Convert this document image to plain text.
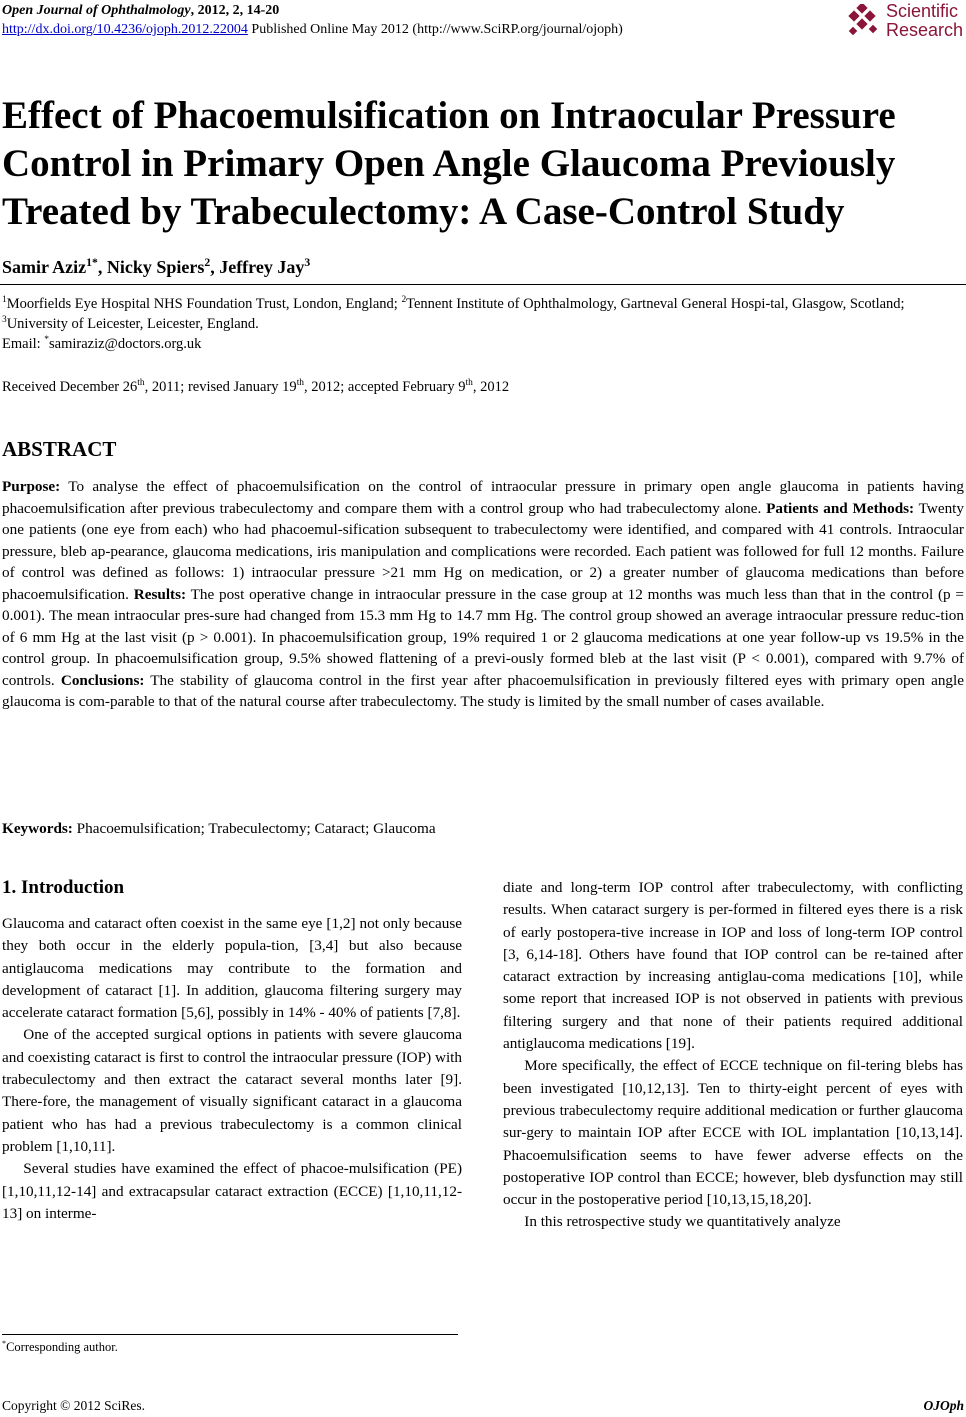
Open Journal of Ophthalmology, 2012, 2, 14-20
http://dx.doi.org/10.4236/ojoph.2012.22004 Published Online May 2012 (http://www.SciRP.org/journal/ojoph)
Scientific
Research
Effect of Phacoemulsification on Intraocular Pressure Control in Primary Open Angle Glaucoma Previously Treated by Trabeculectomy: A Case-Control Study
Samir Aziz$^{1*}$, Nicky Spiers$^2$, Jeffrey Jay$^3$
$^1$Moorfields Eye Hospital NHS Foundation Trust, London, England; $^2$Tennent Institute of Ophthalmology, Gartneval General Hospi-tal, Glasgow, Scotland; $^3$University of Leicester, Leicester, England.
Email: *samiraziz@doctors.org.uk
Received December 26th, 2011; revised January 19th, 2012; accepted February 9th, 2012
ABSTRACT

Purpose: To analyse the effect of phacoemulsification on the control of intraocular pressure in primary open angle glaucoma in patients having phacoemulsification after previous trabeculectomy and compare them with a control group who had trabeculectomy alone. Patients and Methods: Twenty one patients (one eye from each) who had phacoemul-sification subsequent to trabeculectomy were identified, and compared with 41 controls. Intraocular pressure, bleb ap-pearance, glaucoma medications, iris manipulation and complications were recorded. Each patient was followed for full 12 months. Failure of control was defined as follows: 1) intraocular pressure >21 mm Hg on medication, or 2) a greater number of glaucoma medications than before phacoemulsification. Results: The post operative change in intraocular pressure in the case group at 12 months was much less than that in the control (p = 0.001). The mean intraocular pres-sure had changed from 15.3 mm Hg to 14.7 mm Hg. The control group showed an average intraocular pressure reduc-tion of 6 mm Hg at the last visit (p > 0.001). In phacoemulsification group, 19% required 1 or 2 glaucoma medications at one year follow-up vs 19.5% in the control group. In phacoemulsification group, 9.5% showed flattening of a previ-ously formed bleb at the last visit (P < 0.001), compared with 9.7% of controls. Conclusions: The stability of glaucoma control in the first year after phacoemulsification in previously filtered eyes with primary open angle glaucoma is com-parable to that of the natural course after trabeculectomy. The study is limited by the small number of cases available.

Keywords: Phacoemulsification; Trabeculectomy; Cataract; Glaucoma
1. Introduction

Glaucoma and cataract often coexist in the same eye [1,2] not only because they both occur in the elderly popula-tion, [3,4] but also because antiglaucoma medications may contribute to the formation and development of cataract [1]. In addition, glaucoma filtering surgery may accelerate cataract formation [5,6], possibly in 14% - 40% of patients [7,8].

One of the accepted surgical options in patients with severe glaucoma and coexisting cataract is first to control the intraocular pressure (IOP) with trabeculectomy and then extract the cataract several months later [9]. There-fore, the management of visually significant cataract in a glaucoma patient who has had a previous trabeculectomy is a common clinical problem [1,10,11].

Several studies have examined the effect of phacoe-mulsification (PE) [1,10,11,12-14] and extracapsular cataract extraction (ECCE) [1,10,11,12-13] on interme-

diate and long-term IOP control after trabeculectomy, with conflicting results. When cataract surgery is per-formed in filtered eyes there is a risk of early postopera-tive increase in IOP and loss of long-term IOP control [3, 6,14-18]. Others have found that IOP control can be re-tained after cataract extraction by increasing antiglau-coma medications [10], while some report that increased IOP is not observed in patients with previous filtering surgery and that none of their patients required additional antiglaucoma medications [19].

More specifically, the effect of ECCE technique on fil-tering blebs has been investigated [10,12,13]. Ten to thirty-eight percent of eyes with previous trabeculectomy require additional medication or further glaucoma sur-gery to maintain IOP after ECCE with IOL implantation [10,13,14]. Phacoemulsification seems to have fewer adverse effects on the postoperative IOP control than ECCE; however, bleb dysfunction may still occur in the postoperative period [10,13,15,18,20].

In this retrospective study we quantitatively analyze

*Corresponding author.
Copyright © 2012 SciRes.	OJOph
